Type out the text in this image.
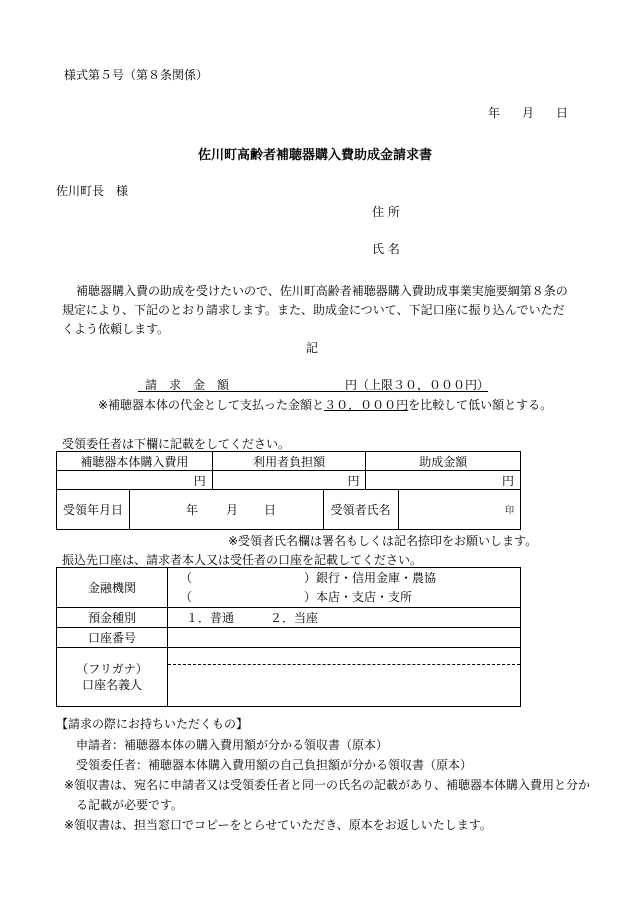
様式第５号（第８条関係）
年 月 日
佐川町高齢者補聴器購入費助成金請求書
佐川町長　様
住 所
氏 名
補聴器購入費の助成を受けたいので、佐川町高齢者補聴器購入費助成事業実施要綱第８条の
規定により、下記のとおり請求します。また、助成金について、下記口座に振り込んでいただ
くよう依頼します。
記
請　求　金　額	円（上限３０，０００円）
※補聴器本体の代金として支払った金額と３０，０００円を比較して低い額とする。
受領委任者は下欄に記載をしてください。
補聴器本体購入費用	利用者負担額	助成金額
円	円	円
受領年月日	年 月 日	受領者氏名	印
※受領者氏名欄は署名もしくは記名捺印をお願いします。
振込先口座は、請求者本人又は受任者の口座を記載してください。
金融機関	（ ）銀行・信用金庫・農協
（ ）本店・支店・支所

預金種別	１．普通　　　２．当座
口座番号	

（フリガナ）
口座名義人	

【請求の際にお持ちいただくもの】
申請者：補聴器本体の購入費用額が分かる領収書（原本）
受領委任者：補聴器本体購入費用額の自己負担額が分かる領収書（原本）
※領収書は、宛名に申請者又は受領委任者と同一の氏名の記載があり、補聴器本体購入費用と分か
る記載が必要です。
※領収書は、担当窓口でコピーをとらせていただき、原本をお返しいたします。
